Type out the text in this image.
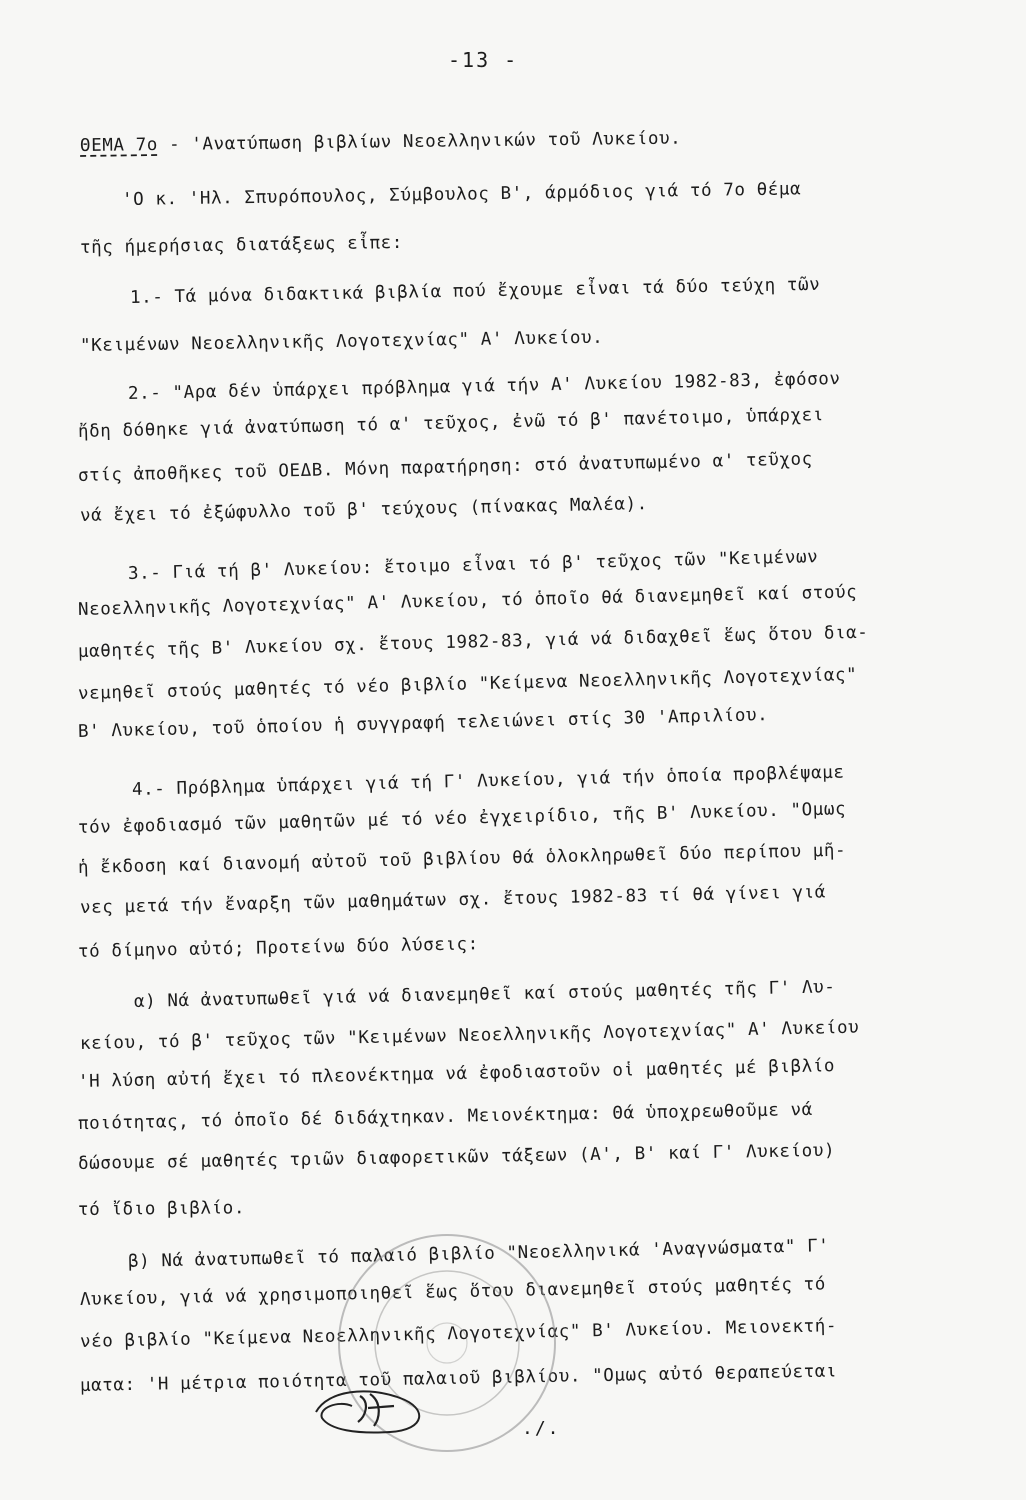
-13 -
ΘΕΜΑ 7ο - 'Ανατύπωση βιβλίων Νεοελληνικών τοῦ Λυκείου.
'Ο κ. 'Ηλ. Σπυρόπουλος, Σύμβουλος Β', άρμόδιος γιά τό 7ο θέμα
τῆς ήμερήσιας διατάξεως εἶπε:
1.- Τά μόνα διδακτικά βιβλία πού ἔχουμε εἶναι τά δύο τεύχη τῶν
"Κειμένων Νεοελληνικῆς Λογοτεχνίας" Α' Λυκείου.
2.- "Αρα δέν ὑπάρχει πρόβλημα γιά τήν Α' Λυκείου 1982-83, ἐφόσον
ἤδη δόθηκε γιά ἀνατύπωση τό α' τεῦχος, ἐνῶ τό β' πανέτοιμο, ὑπάρχει
στίς ἀποθῆκες τοῦ ΟΕΔΒ. Μόνη παρατήρηση: στό ἀνατυπωμένο α' τεῦχος
νά ἔχει τό ἐξώφυλλο τοῦ β' τεύχους (πίνακας Μαλέα).
3.- Γιά τή β' Λυκείου: ἔτοιμο εἶναι τό β' τεῦχος τῶν "Κειμένων
Νεοελληνικῆς Λογοτεχνίας" Α' Λυκείου, τό ὁποῖο θά διανεμηθεῖ καί στούς
μαθητές τῆς Β' Λυκείου σχ. ἔτους 1982-83, γιά νά διδαχθεῖ ἕως ὅτου δια-
νεμηθεῖ στούς μαθητές τό νέο βιβλίο "Κείμενα Νεοελληνικῆς Λογοτεχνίας"
Β' Λυκείου, τοῦ ὁποίου ἡ συγγραφή τελειώνει στίς 30 'Απριλίου.
4.- Πρόβλημα ὑπάρχει γιά τή Γ' Λυκείου, γιά τήν ὁποία προβλέψαμε
τόν ἐφοδιασμό τῶν μαθητῶν μέ τό νέο ἐγχειρίδιο, τῆς Β' Λυκείου. "Ομως
ἡ ἔκδοση καί διανομή αὐτοῦ τοῦ βιβλίου θά ὁλοκληρωθεῖ δύο περίπου μῆ-
νες μετά τήν ἔναρξη τῶν μαθημάτων σχ. ἔτους 1982-83 τί θά γίνει γιά
τό δίμηνο αὐτό; Προτείνω δύο λύσεις:
α) Νά ἀνατυπωθεῖ γιά νά διανεμηθεῖ καί στούς μαθητές τῆς Γ' Λυ-
κείου, τό β' τεῦχος τῶν "Κειμένων Νεοελληνικῆς Λογοτεχνίας" Α' Λυκείου
'Η λύση αὐτή ἔχει τό πλεονέκτημα νά ἐφοδιαστοῦν οἱ μαθητές μέ βιβλίο
ποιότητας, τό ὁποῖο δέ διδάχτηκαν. Μειονέκτημα: Θά ὑποχρεωθοῦμε νά
δώσουμε σέ μαθητές τριῶν διαφορετικῶν τάξεων (Α', Β' καί Γ' Λυκείου)
τό ἴδιο βιβλίο.
β) Νά ἀνατυπωθεῖ τό παλαιό βιβλίο "Νεοελληνικά 'Αναγνώσματα" Γ'
Λυκείου, γιά νά χρησιμοποιηθεῖ ἕως ὅτου διανεμηθεῖ στούς μαθητές τό
νέο βιβλίο "Κείμενα Νεοελληνικῆς Λογοτεχνίας" Β' Λυκείου. Μειονεκτή-
ματα: 'Η μέτρια ποιότητα τοῦ παλαιοῦ βιβλίου. "Ομως αὐτό θεραπεύεται
./.
